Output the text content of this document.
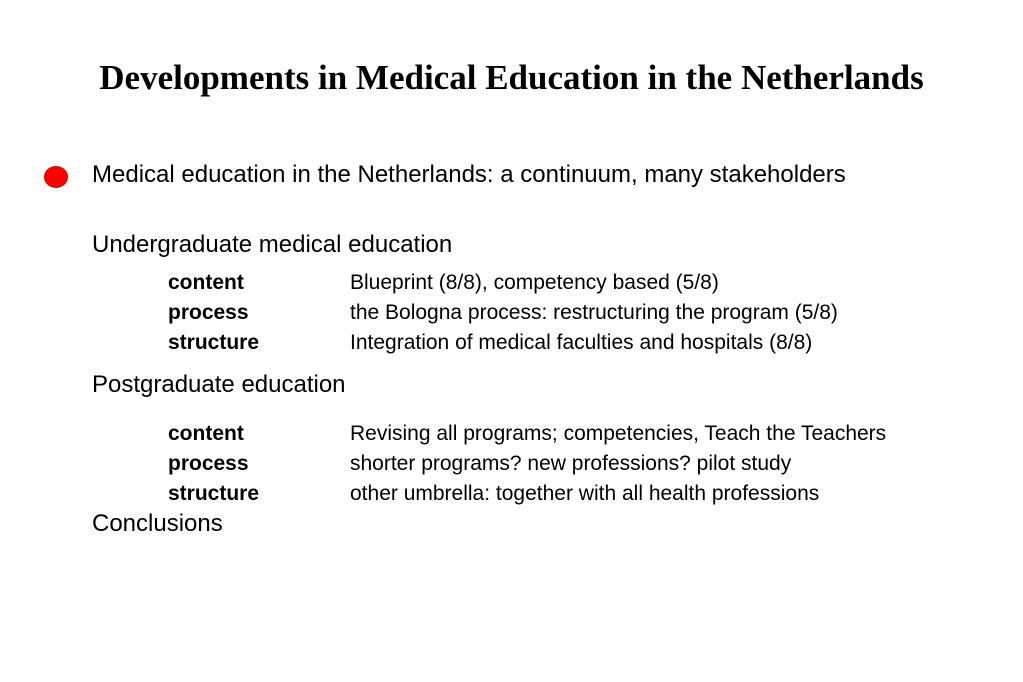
Developments in Medical Education in the Netherlands
Medical education in the Netherlands: a continuum, many stakeholders
Undergraduate medical education
content	Blueprint (8/8), competency based (5/8)
process	the Bologna process: restructuring the program (5/8)
structure	Integration of medical faculties and hospitals (8/8)
Postgraduate education
content	Revising all programs; competencies, Teach the Teachers
process	shorter programs? new professions? pilot study
structure	other umbrella: together with all health professions
Conclusions
